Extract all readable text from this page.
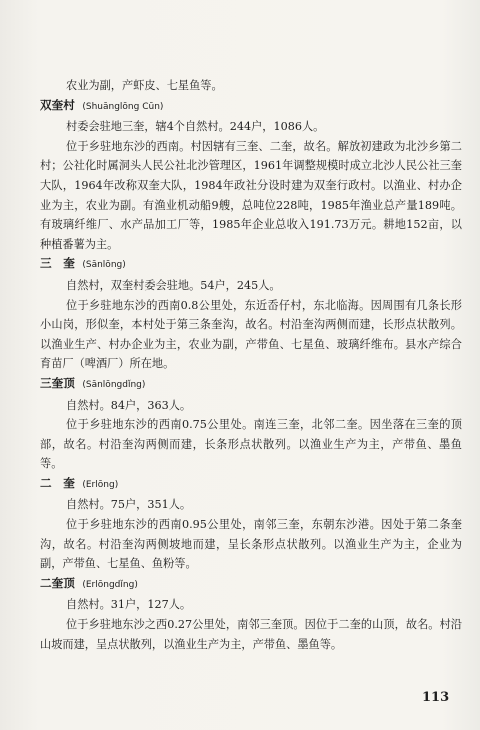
农业为副，产虾皮、七星鱼等。

双奎村 (Shuānglōng Cūn)

村委会驻地三奎，辖4个自然村。244户，1086人。

位于乡驻地东沙的西南。村因辖有三奎、二奎，故名。解放初建政为北沙乡第二村；公社化时属洞头人民公社北沙管理区，1961年调整规模时成立北沙人民公社三奎大队，1964年改称双奎大队，1984年政社分设时建为双奎行政村。以渔业、村办企业为主，农业为副。有渔业机动船9艘，总吨位228吨，1985年渔业总产量189吨。有玻璃纤维厂、水产品加工厂等，1985年企业总收入191.73万元。耕地152亩，以种植番薯为主。

三　奎 (Sānlōng)

自然村，双奎村委会驻地。54户，245人。

位于乡驻地东沙的西南0.8公里处，东近岙仔村，东北临海。因周围有几条长形小山岗，形似奎，本村处于第三条奎沟，故名。村沿奎沟两侧而建，长形点状散列。以渔业生产、村办企业为主，农业为副，产带鱼、七星鱼、玻璃纤维布。县水产综合育苗厂（啤酒厂）所在地。

三奎顶 (Sānlōngdǐng)

自然村。84户，363人。

位于乡驻地东沙的西南0.75公里处。南连三奎，北邻二奎。因坐落在三奎的顶部，故名。村沿奎沟两侧而建，长条形点状散列。以渔业生产为主，产带鱼、墨鱼等。

二　奎 (Erlōng)

自然村。75户，351人。

位于乡驻地东沙的西南0.95公里处，南邻三奎，东朝东沙港。因处于第二条奎沟，故名。村沿奎沟两侧坡地而建，呈长条形点状散列。以渔业生产为主，企业为副，产带鱼、七星鱼、鱼粉等。

二奎顶 (Erlōngdǐng)

自然村。31户，127人。

位于乡驻地东沙之西0.27公里处，南邻三奎顶。因位于二奎的山顶，故名。村沿山坡而建，呈点状散列，以渔业生产为主，产带鱼、墨鱼等。

113
